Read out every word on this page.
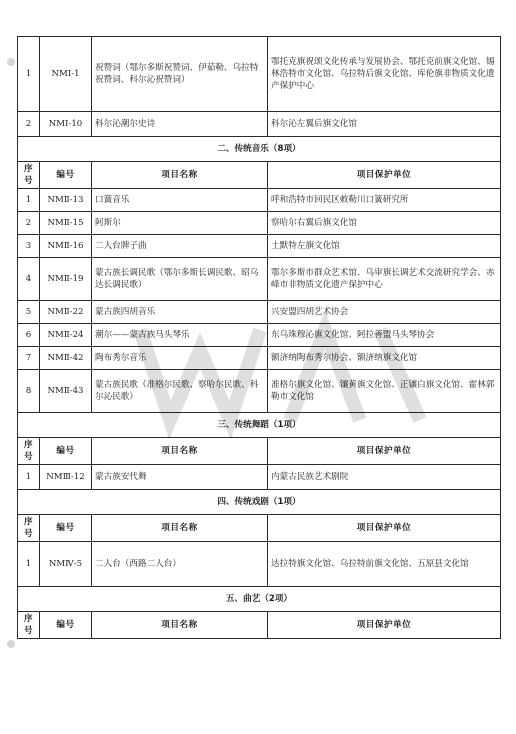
1	NMⅠ-1	祝赞词（鄂尔多斯祝赞词、伊茹勒、乌拉特祝赞词、科尔沁祝赞词）	鄂托克旗祝颂文化传承与发展协会、鄂托克前旗文化馆、锡林浩特市文化馆、乌拉特后旗文化馆、库伦旗非物质文化遗产保护中心
2	NMⅠ-10	科尔沁潮尔史诗	科尔沁左翼后旗文化馆
二、传统音乐（8项）			
序号	编号	项目名称	项目保护单位
1	NMⅡ-13	口簧音乐	呼和浩特市回民区敕勒川口簧研究所
2	NMⅡ-15	阿斯尔	察哈尔右翼后旗文化馆
3	NMⅡ-16	二人台牌子曲	土默特左旗文化馆
4	NMⅡ-19	蒙古族长调民歌（鄂尔多斯长调民歌、昭乌达长调民歌）	鄂尔多斯市群众艺术馆、乌审旗长调艺术交流研究学会、赤峰市非物质文化遗产保护中心
5	NMⅡ-22	蒙古族四胡音乐	兴安盟四胡艺术协会
6	NMⅡ-24	潮尔——蒙古族马头琴乐	东乌珠穆沁旗文化馆、阿拉善盟马头琴协会
7	NMⅡ-42	陶布秀尔音乐	额济纳陶布秀尔协会、额济纳旗文化馆
8	NMⅡ-43	蒙古族民歌（准格尔民歌、察哈尔民歌、科尔沁民歌）	准格尔旗文化馆、镶黄旗文化馆、正镶白旗文化馆、霍林郭勒市文化馆
三、传统舞蹈（1项）			
序号	编号	项目名称	项目保护单位
1	NMⅢ-12	蒙古族安代舞	内蒙古民族艺术剧院
四、传统戏剧（1项）			
序号	编号	项目名称	项目保护单位
1	NMⅣ-5	二人台（西路二人台）	达拉特旗文化馆、乌拉特前旗文化馆、五原县文化馆
五、曲艺（2项）			
序号	编号	项目名称	项目保护单位
